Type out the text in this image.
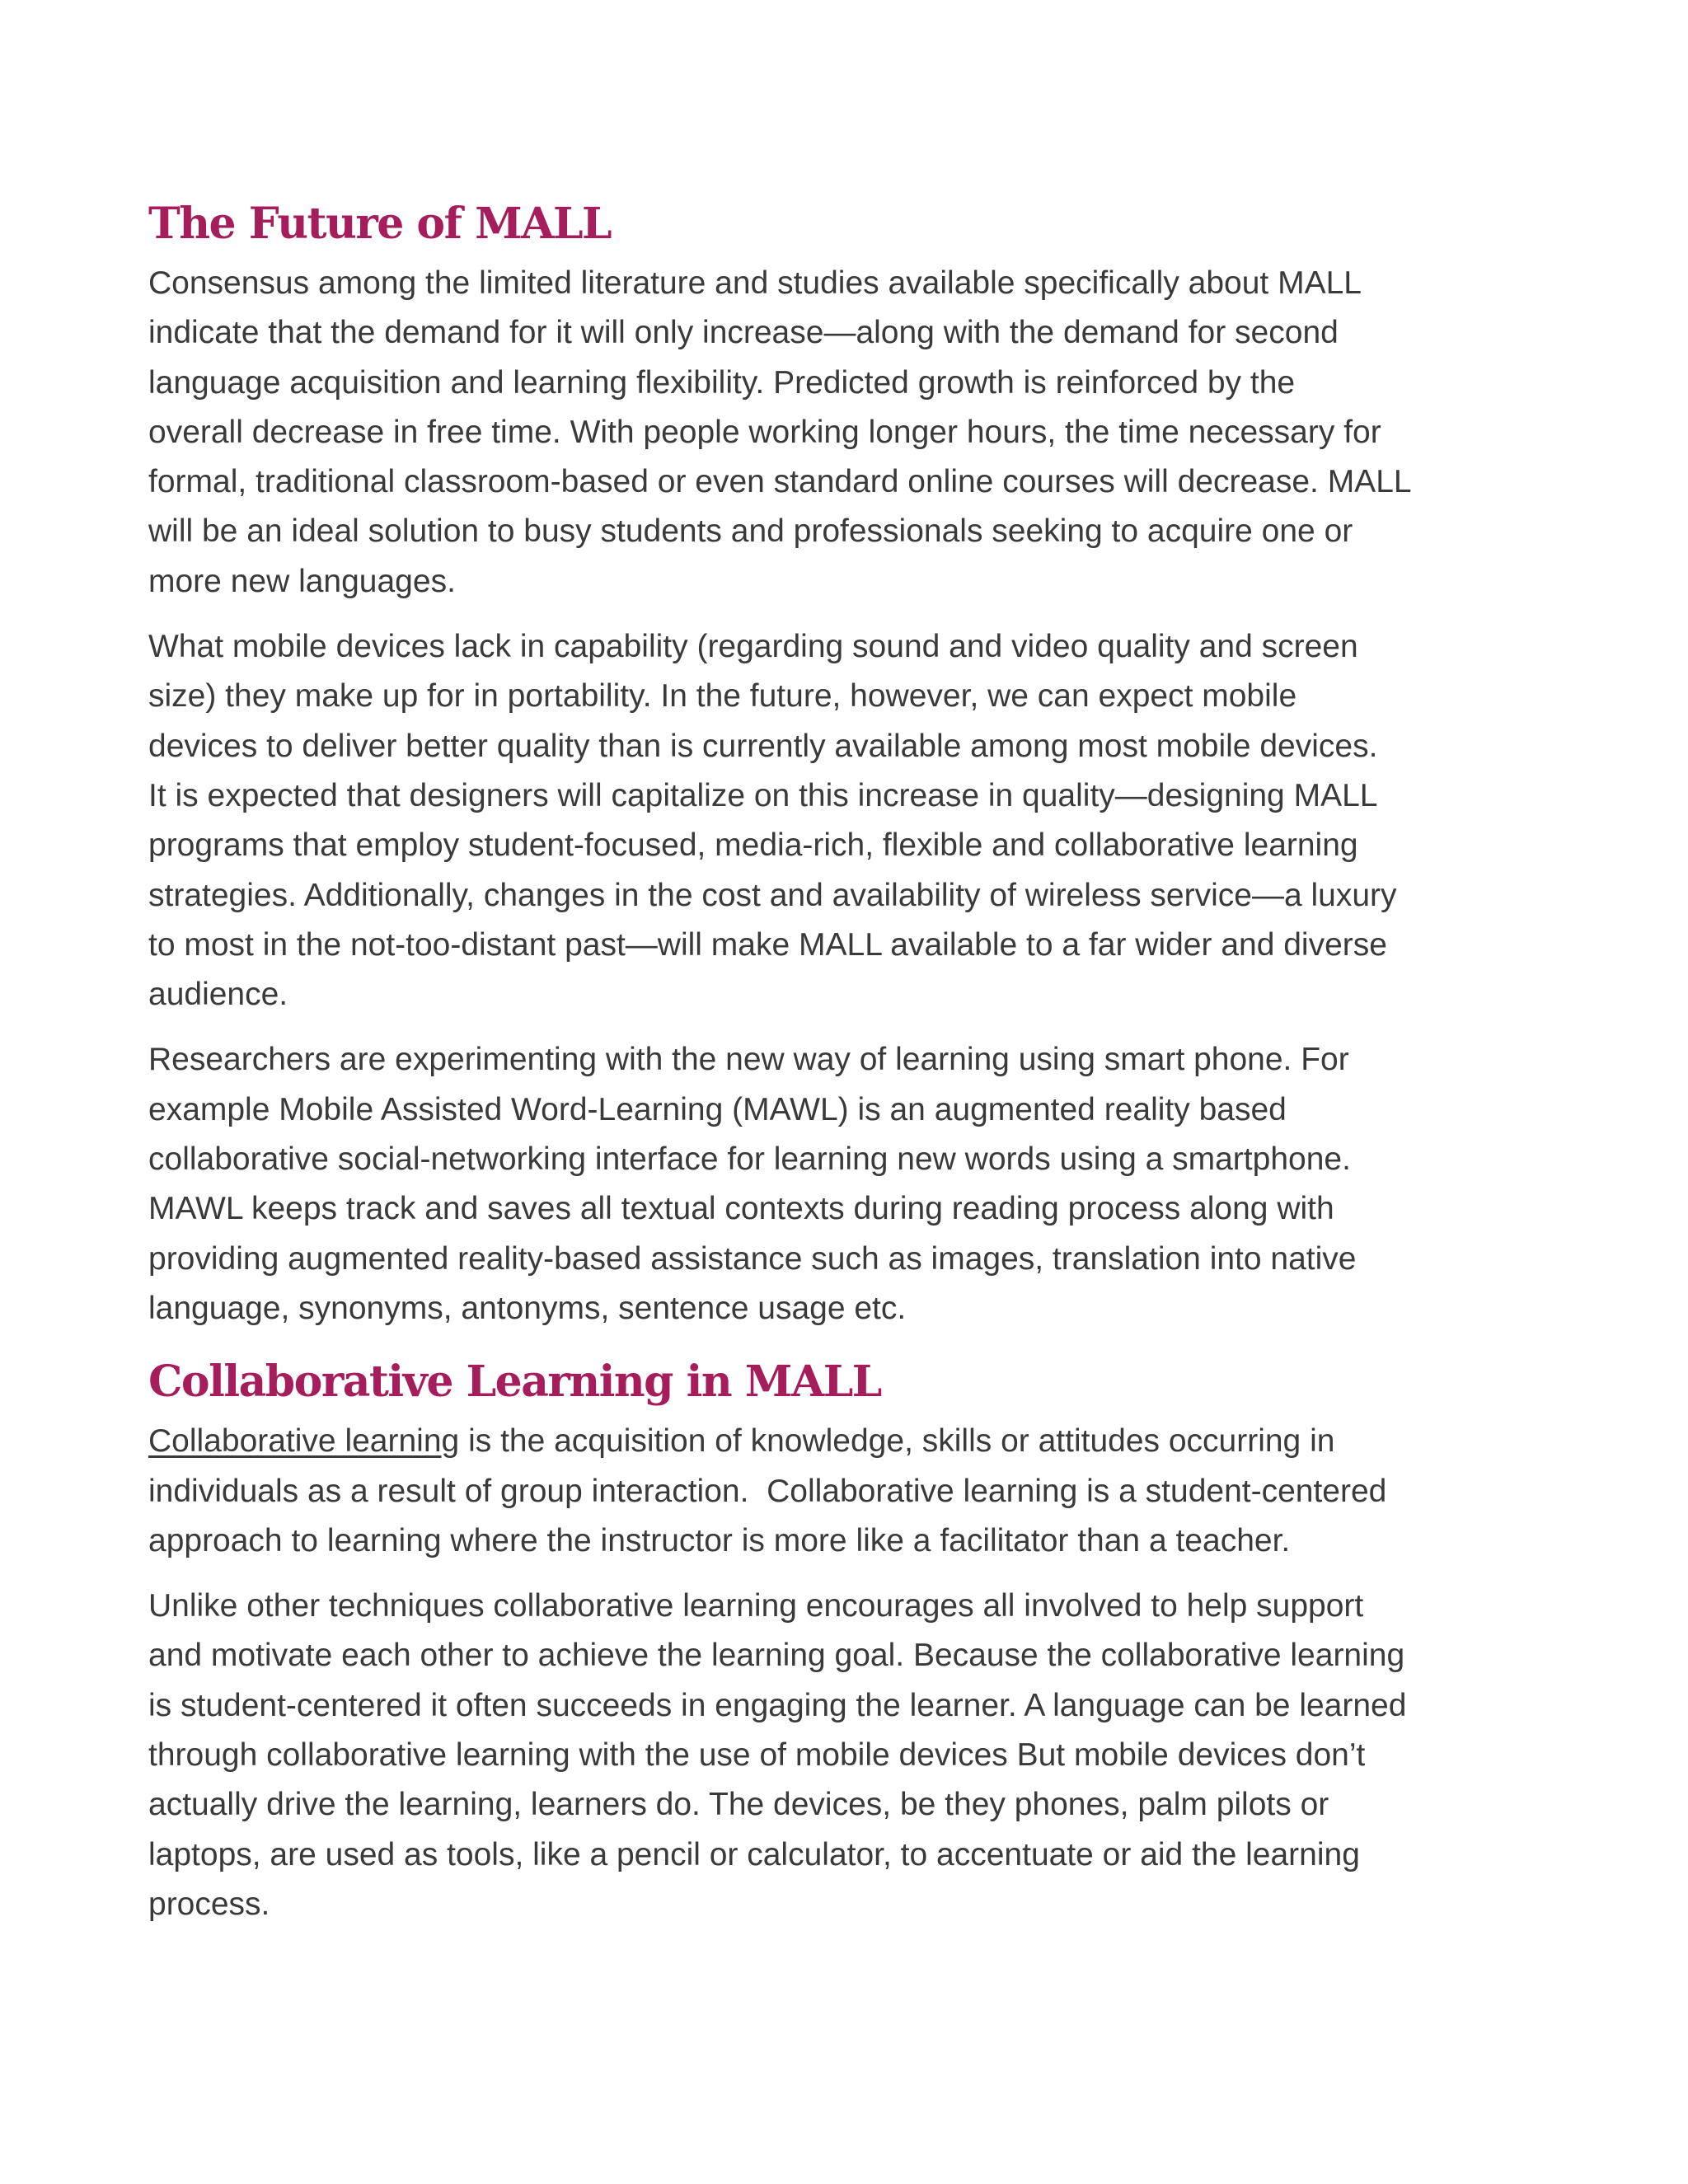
The Future of MALL

Consensus among the limited literature and studies available specifically about MALL
indicate that the demand for it will only increase—along with the demand for second
language acquisition and learning flexibility. Predicted growth is reinforced by the
overall decrease in free time. With people working longer hours, the time necessary for
formal, traditional classroom-based or even standard online courses will decrease. MALL
will be an ideal solution to busy students and professionals seeking to acquire one or
more new languages.

What mobile devices lack in capability (regarding sound and video quality and screen
size) they make up for in portability. In the future, however, we can expect mobile
devices to deliver better quality than is currently available among most mobile devices.
It is expected that designers will capitalize on this increase in quality—designing MALL
programs that employ student-focused, media-rich, flexible and collaborative learning
strategies. Additionally, changes in the cost and availability of wireless service—a luxury
to most in the not-too-distant past—will make MALL available to a far wider and diverse
audience.

Researchers are experimenting with the new way of learning using smart phone. For
example Mobile Assisted Word-Learning (MAWL) is an augmented reality based
collaborative social-networking interface for learning new words using a smartphone.
MAWL keeps track and saves all textual contexts during reading process along with
providing augmented reality-based assistance such as images, translation into native
language, synonyms, antonyms, sentence usage etc.

Collaborative Learning in MALL

Collaborative learning is the acquisition of knowledge, skills or attitudes occurring in
individuals as a result of group interaction.  Collaborative learning is a student-centered
approach to learning where the instructor is more like a facilitator than a teacher.

Unlike other techniques collaborative learning encourages all involved to help support
and motivate each other to achieve the learning goal. Because the collaborative learning
is student-centered it often succeeds in engaging the learner. A language can be learned
through collaborative learning with the use of mobile devices But mobile devices don’t
actually drive the learning, learners do. The devices, be they phones, palm pilots or
laptops, are used as tools, like a pencil or calculator, to accentuate or aid the learning
process.
